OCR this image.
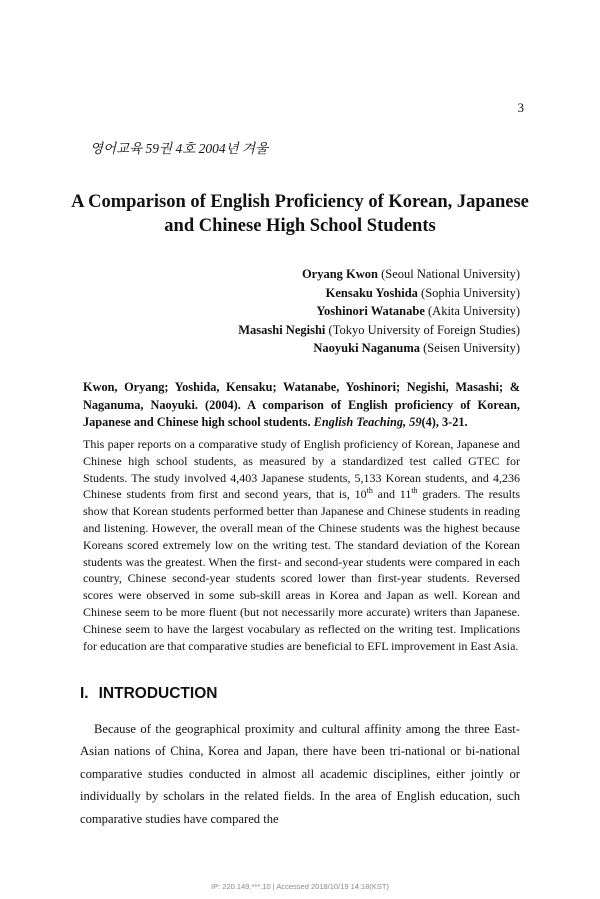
3
영어교육 59권 4호 2004년 겨울
A Comparison of English Proficiency of Korean, Japanese and Chinese High School Students
Oryang Kwon (Seoul National University)
Kensaku Yoshida (Sophia University)
Yoshinori Watanabe (Akita University)
Masashi Negishi (Tokyo University of Foreign Studies)
Naoyuki Naganuma (Seisen University)
Kwon, Oryang; Yoshida, Kensaku; Watanabe, Yoshinori; Negishi, Masashi; & Naganuma, Naoyuki. (2004). A comparison of English proficiency of Korean, Japanese and Chinese high school students. English Teaching, 59(4), 3-21.
This paper reports on a comparative study of English proficiency of Korean, Japanese and Chinese high school students, as measured by a standardized test called GTEC for Students. The study involved 4,403 Japanese students, 5,133 Korean students, and 4,236 Chinese students from first and second years, that is, 10th and 11th graders. The results show that Korean students performed better than Japanese and Chinese students in reading and listening. However, the overall mean of the Chinese students was the highest because Koreans scored extremely low on the writing test. The standard deviation of the Korean students was the greatest. When the first- and second-year students were compared in each country, Chinese second-year students scored lower than first-year students. Reversed scores were observed in some sub-skill areas in Korea and Japan as well. Korean and Chinese seem to be more fluent (but not necessarily more accurate) writers than Japanese. Chinese seem to have the largest vocabulary as reflected on the writing test. Implications for education are that comparative studies are beneficial to EFL improvement in East Asia.
I. INTRODUCTION
Because of the geographical proximity and cultural affinity among the three East-Asian nations of China, Korea and Japan, there have been tri-national or bi-national comparative studies conducted in almost all academic disciplines, either jointly or individually by scholars in the related fields. In the area of English education, such comparative studies have compared the
IP: 220.149.***.10 | Accessed 2018/10/19 14:18(KST)
